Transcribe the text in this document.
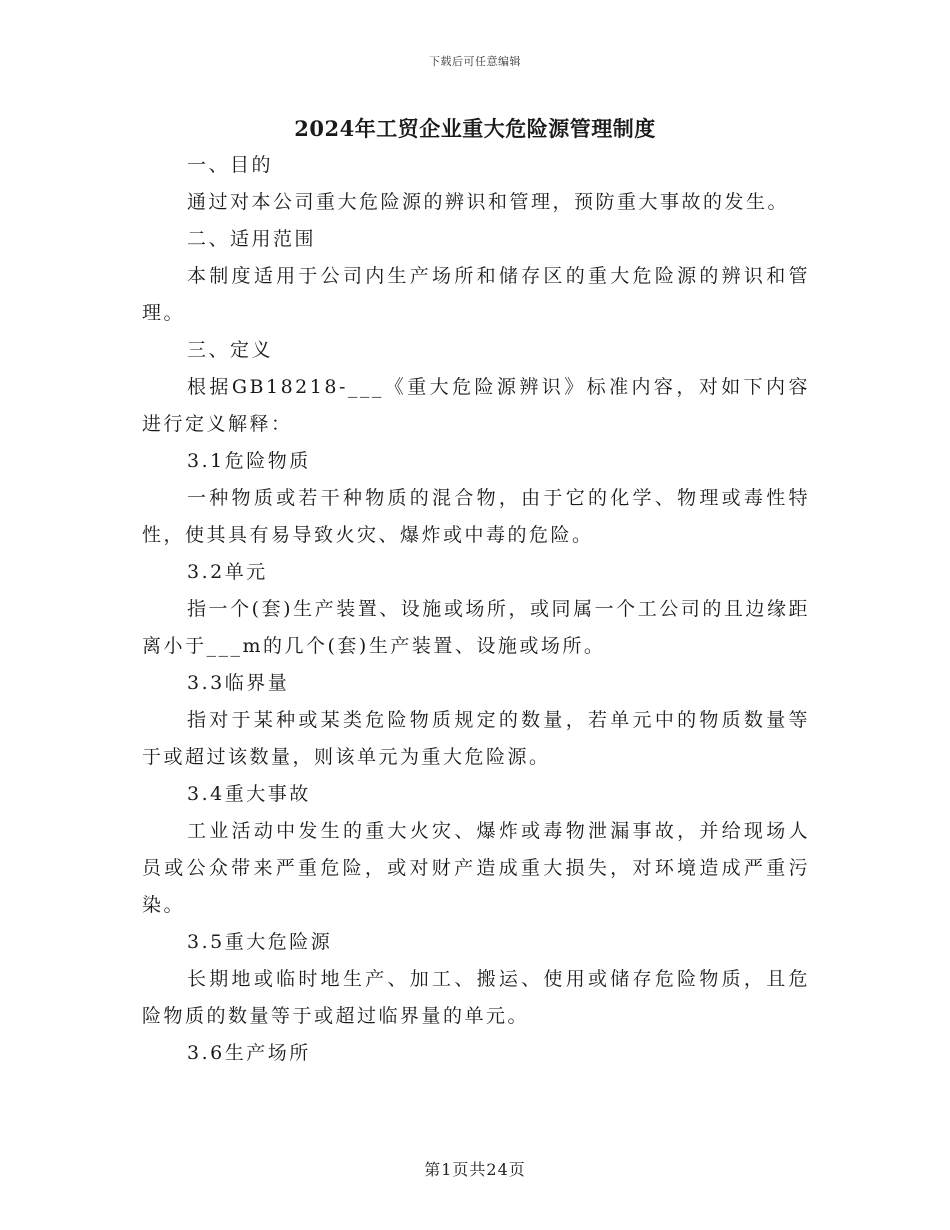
下载后可任意编辑
2024年工贸企业重大危险源管理制度

一、目的

通过对本公司重大危险源的辨识和管理，预防重大事故的发生。

二、适用范围

本制度适用于公司内生产场所和储存区的重大危险源的辨识和管理。

三、定义

根据GB18218-___《重大危险源辨识》标准内容，对如下内容进行定义解释：

3.1危险物质

一种物质或若干种物质的混合物，由于它的化学、物理或毒性特性，使其具有易导致火灾、爆炸或中毒的危险。

3.2单元

指一个(套)生产装置、设施或场所，或同属一个工公司的且边缘距离小于___m的几个(套)生产装置、设施或场所。

3.3临界量

指对于某种或某类危险物质规定的数量，若单元中的物质数量等于或超过该数量，则该单元为重大危险源。

3.4重大事故

工业活动中发生的重大火灾、爆炸或毒物泄漏事故，并给现场人员或公众带来严重危险，或对财产造成重大损失，对环境造成严重污染。

3.5重大危险源

长期地或临时地生产、加工、搬运、使用或储存危险物质，且危险物质的数量等于或超过临界量的单元。

3.6生产场所

第1页共24页
